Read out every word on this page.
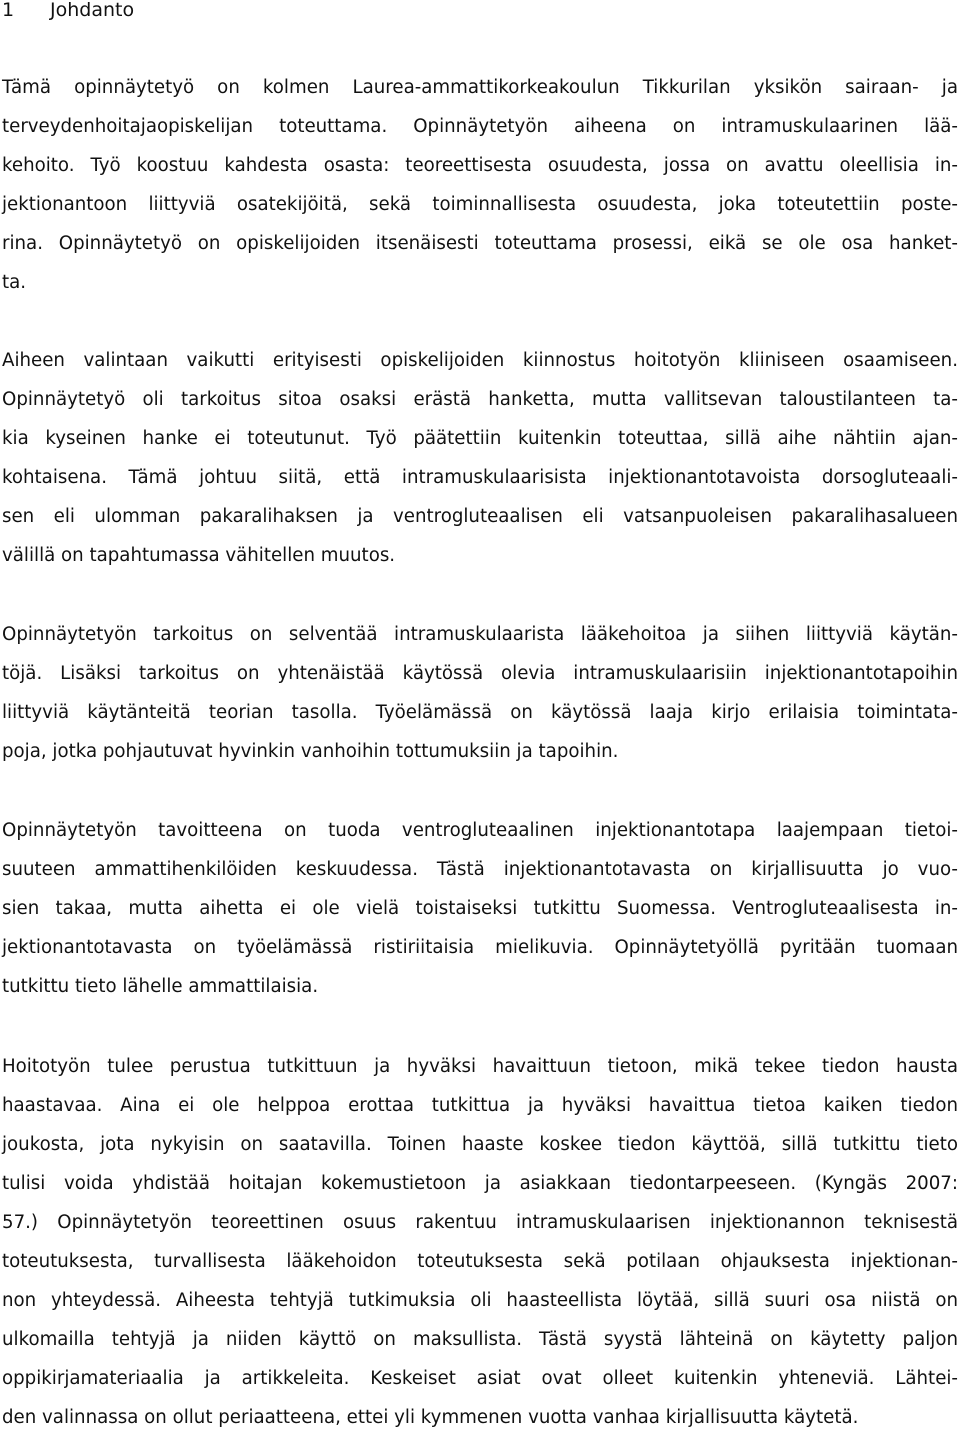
1 Johdanto
Tämä opinnäytetyö on kolmen Laurea-ammattikorkeakoulun Tikkurilan yksikön sairaan- ja
terveydenhoitajaopiskelijan toteuttama. Opinnäytetyön aiheena on intramuskulaarinen lää-
kehoito. Työ koostuu kahdesta osasta: teoreettisesta osuudesta, jossa on avattu oleellisia in-
jektionantoon liittyviä osatekijöitä, sekä toiminnallisesta osuudesta, joka toteutettiin poste-
rina. Opinnäytetyö on opiskelijoiden itsenäisesti toteuttama prosessi, eikä se ole osa hanket-
ta.
Aiheen valintaan vaikutti erityisesti opiskelijoiden kiinnostus hoitotyön kliiniseen osaamiseen.
Opinnäytetyö oli tarkoitus sitoa osaksi erästä hanketta, mutta vallitsevan taloustilanteen ta-
kia kyseinen hanke ei toteutunut. Työ päätettiin kuitenkin toteuttaa, sillä aihe nähtiin ajan-
kohtaisena. Tämä johtuu siitä, että intramuskulaarisista injektionantotavoista dorsogluteaali-
sen eli ulomman pakaralihaksen ja ventrogluteaalisen eli vatsanpuoleisen pakaralihasalueen
välillä on tapahtumassa vähitellen muutos.
Opinnäytetyön tarkoitus on selventää intramuskulaarista lääkehoitoa ja siihen liittyviä käytän-
töjä. Lisäksi tarkoitus on yhtenäistää käytössä olevia intramuskulaarisiin injektionantotapoihin
liittyviä käytänteitä teorian tasolla. Työelämässä on käytössä laaja kirjo erilaisia toimintata-
poja, jotka pohjautuvat hyvinkin vanhoihin tottumuksiin ja tapoihin.
Opinnäytetyön tavoitteena on tuoda ventrogluteaalinen injektionantotapa laajempaan tietoi-
suuteen ammattihenkilöiden keskuudessa. Tästä injektionantotavasta on kirjallisuutta jo vuo-
sien takaa, mutta aihetta ei ole vielä toistaiseksi tutkittu Suomessa. Ventrogluteaalisesta in-
jektionantotavasta on työelämässä ristiriitaisia mielikuvia. Opinnäytetyöllä pyritään tuomaan
tutkittu tieto lähelle ammattilaisia.
Hoitotyön tulee perustua tutkittuun ja hyväksi havaittuun tietoon, mikä tekee tiedon hausta
haastavaa. Aina ei ole helppoa erottaa tutkittua ja hyväksi havaittua tietoa kaiken tiedon
joukosta, jota nykyisin on saatavilla. Toinen haaste koskee tiedon käyttöä, sillä tutkittu tieto
tulisi voida yhdistää hoitajan kokemustietoon ja asiakkaan tiedontarpeeseen. (Kyngäs 2007:
57.) Opinnäytetyön teoreettinen osuus rakentuu intramuskulaarisen injektionannon teknisestä
toteutuksesta, turvallisesta lääkehoidon toteutuksesta sekä potilaan ohjauksesta injektionan-
non yhteydessä. Aiheesta tehtyjä tutkimuksia oli haasteellista löytää, sillä suuri osa niistä on
ulkomailla tehtyjä ja niiden käyttö on maksullista. Tästä syystä lähteinä on käytetty paljon
oppikirjamateriaalia ja artikkeleita. Keskeiset asiat ovat olleet kuitenkin yhteneviä. Lähtei-
den valinnassa on ollut periaatteena, ettei yli kymmenen vuotta vanhaa kirjallisuutta käytetä.
